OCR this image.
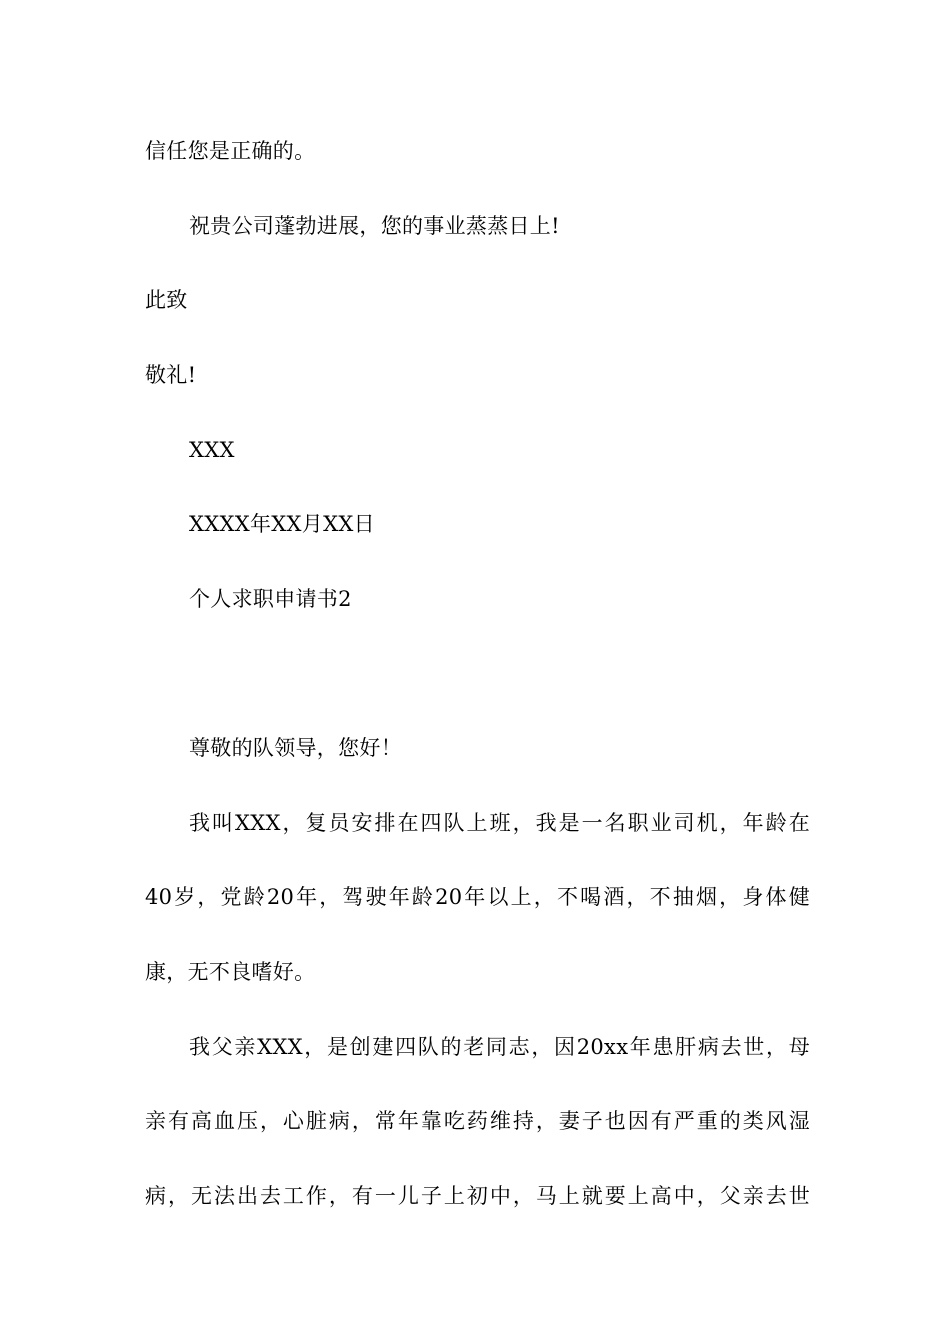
信任您是正确的。
祝贵公司蓬勃进展，您的事业蒸蒸日上!
此致
敬礼!
XXX
XXXX年XX月XX日
个人求职申请书2
尊敬的队领导，您好！
我叫XXX，复员安排在四队上班，我是一名职业司机，年龄在
40岁，党龄20年，驾驶年龄20年以上，不喝酒，不抽烟，身体健
康，无不良嗜好。
我父亲XXX，是创建四队的老同志，因20xx年患肝病去世，母
亲有高血压，心脏病，常年靠吃药维持，妻子也因有严重的类风湿
病，无法出去工作，有一儿子上初中，马上就要上高中，父亲去世
